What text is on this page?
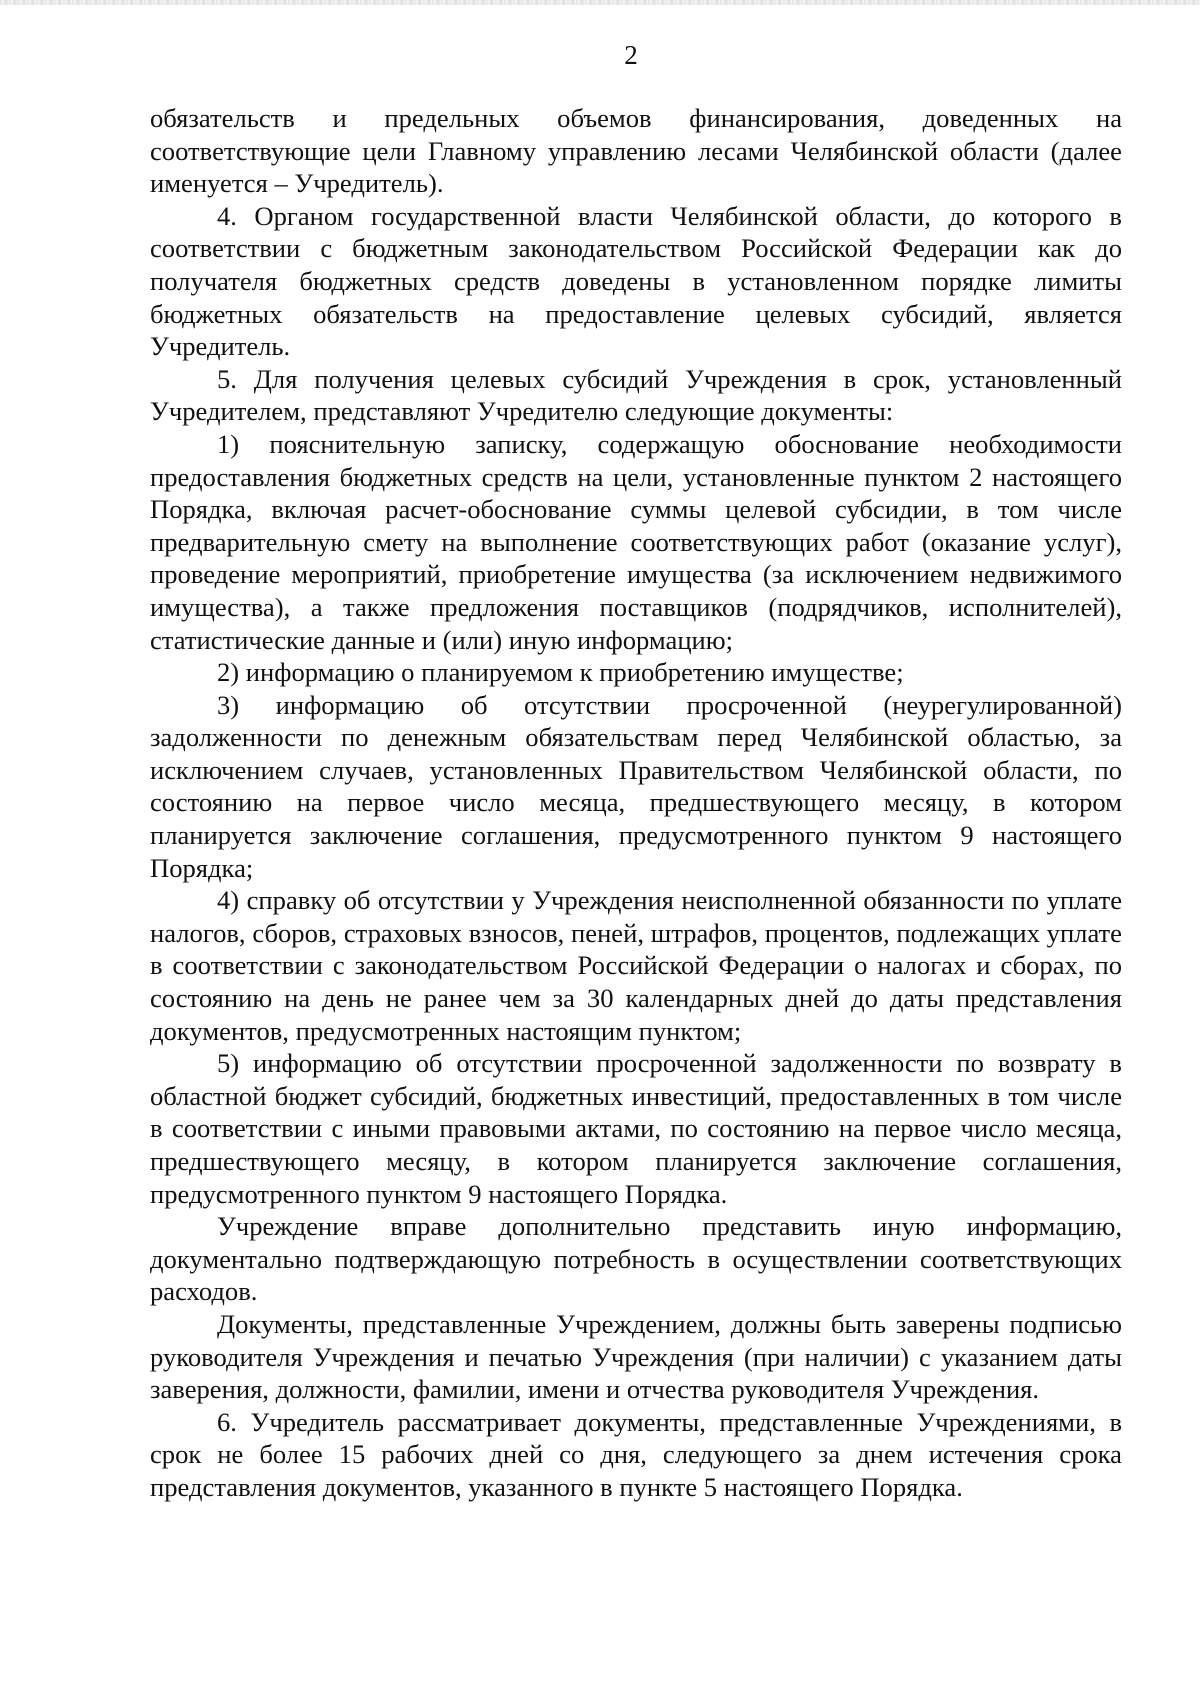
2

обязательств и предельных объемов финансирования, доведенных на соответствующие цели Главному управлению лесами Челябинской области (далее именуется – Учредитель).

4. Органом государственной власти Челябинской области, до которого в соответствии с бюджетным законодательством Российской Федерации как до получателя бюджетных средств доведены в установленном порядке лимиты бюджетных обязательств на предоставление целевых субсидий, является Учредитель.

5. Для получения целевых субсидий Учреждения в срок, установленный Учредителем, представляют Учредителю следующие документы:

1) пояснительную записку, содержащую обоснование необходимости предоставления бюджетных средств на цели, установленные пунктом 2 настоящего Порядка, включая расчет-обоснование суммы целевой субсидии, в том числе предварительную смету на выполнение соответствующих работ (оказание услуг), проведение мероприятий, приобретение имущества (за исключением недвижимого имущества), а также предложения поставщиков (подрядчиков, исполнителей), статистические данные и (или) иную информацию;

2) информацию о планируемом к приобретению имуществе;

3) информацию об отсутствии просроченной (неурегулированной) задолженности по денежным обязательствам перед Челябинской областью, за исключением случаев, установленных Правительством Челябинской области, по состоянию на первое число месяца, предшествующего месяцу, в котором планируется заключение соглашения, предусмотренного пунктом 9 настоящего Порядка;

4) справку об отсутствии у Учреждения неисполненной обязанности по уплате налогов, сборов, страховых взносов, пеней, штрафов, процентов, подлежащих уплате в соответствии с законодательством Российской Федерации о налогах и сборах, по состоянию на день не ранее чем за 30 календарных дней до даты представления документов, предусмотренных настоящим пунктом;

5) информацию об отсутствии просроченной задолженности по возврату в областной бюджет субсидий, бюджетных инвестиций, предоставленных в том числе в соответствии с иными правовыми актами, по состоянию на первое число месяца, предшествующего месяцу, в котором планируется заключение соглашения, предусмотренного пунктом 9 настоящего Порядка.

Учреждение вправе дополнительно представить иную информацию, документально подтверждающую потребность в осуществлении соответствующих расходов.

Документы, представленные Учреждением, должны быть заверены подписью руководителя Учреждения и печатью Учреждения (при наличии) с указанием даты заверения, должности, фамилии, имени и отчества руководителя Учреждения.

6. Учредитель рассматривает документы, представленные Учреждениями, в срок не более 15 рабочих дней со дня, следующего за днем истечения срока представления документов, указанного в пункте 5 настоящего Порядка.
